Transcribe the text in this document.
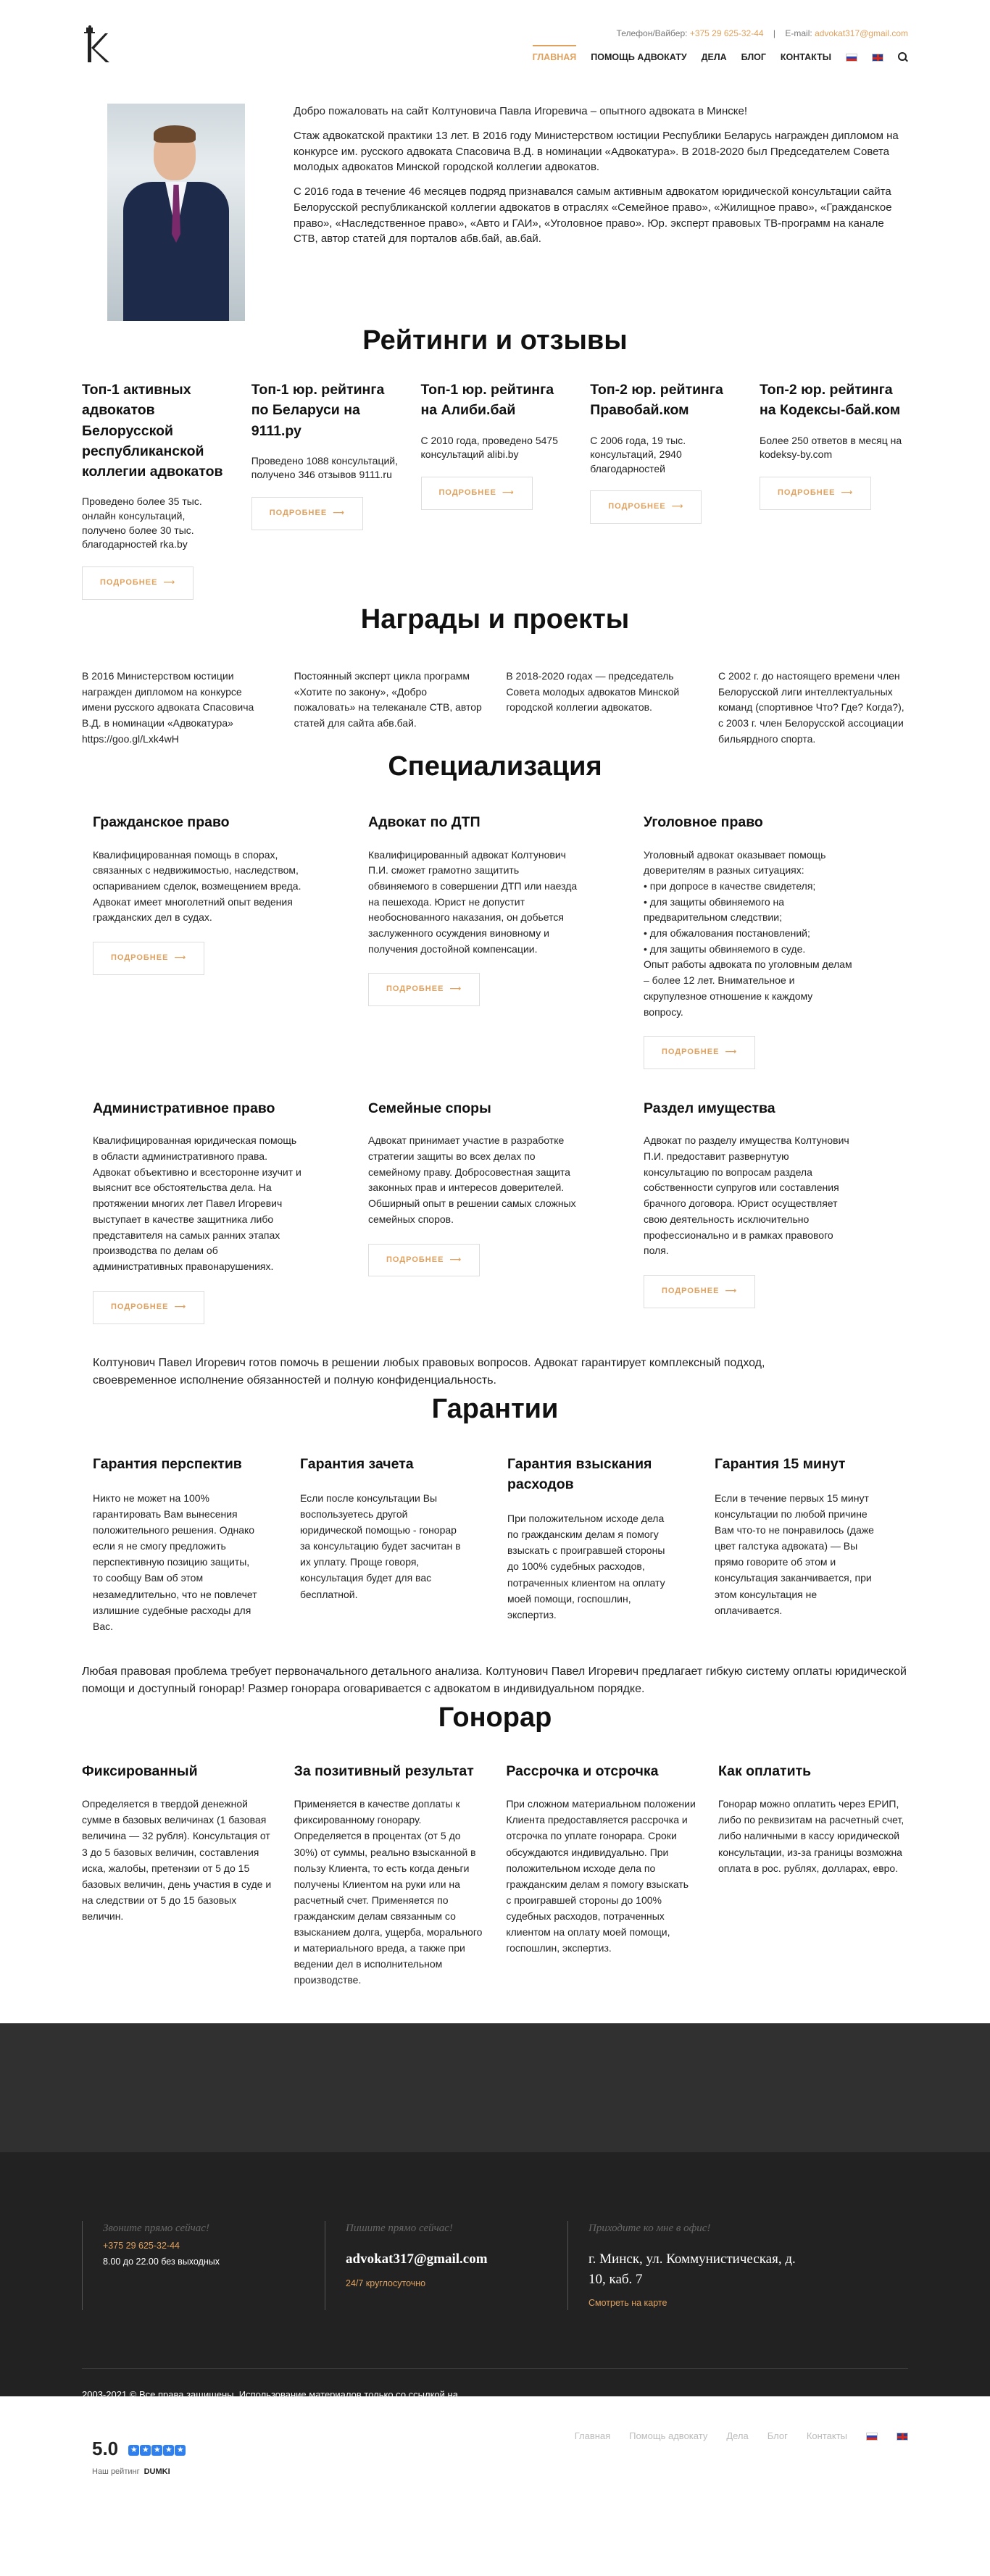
Телефон/Вайбер: +375 29 625-32-44 | E-mail: advokat317@gmail.com
ГЛАВНАЯ ПОМОЩЬ АДВОКАТУ ДЕЛА БЛОГ КОНТАКТЫ

Добро пожаловать на сайт Колтуновича Павла Игоревича – опытного адвоката в Минске!

Стаж адвокатской практики 13 лет. В 2016 году Министерством юстиции Республики Беларусь награжден дипломом на конкурсе им. русского адвоката Спасовича В.Д. в номинации «Адвокатура». В 2018-2020 был Председателем Совета молодых адвокатов Минской городской коллегии адвокатов.

С 2016 года в течение 46 месяцев подряд признавался самым активным адвокатом юридической консультации сайта Белорусской республиканской коллегии адвокатов в отраслях «Семейное право», «Жилищное право», «Гражданское право», «Наследственное право», «Авто и ГАИ», «Уголовное право». Юр. эксперт правовых ТВ-программ на канале СТВ, автор статей для порталов абв.бай, ав.бай.

Рейтинги и отзывы
Топ-1 активных адвокатов Белорусской республиканской коллегии адвокатов

Проведено более 35 тыс. онлайн консультаций, получено более 30 тыс. благодарностей rka.by

ПОДРОБНЕЕ ⟶
Топ-1 юр. рейтинга по Беларуси на 9111.ру

Проведено 1088 консультаций, получено 346 отзывов 9111.ru

ПОДРОБНЕЕ ⟶
Топ-1 юр. рейтинга на Алиби.бай

С 2010 года, проведено 5475 консультаций alibi.by

ПОДРОБНЕЕ ⟶
Топ-2 юр. рейтинга Правобай.ком

С 2006 года, 19 тыс. консультаций, 2940 благодарностей

ПОДРОБНЕЕ ⟶
Топ-2 юр. рейтинга на Кодексы-бай.ком

Более 250 ответов в месяц на kodeksy-by.com

ПОДРОБНЕЕ ⟶
Награды и проекты

В 2016 Министерством юстиции награжден дипломом на конкурсе имени русского адвоката Спасовича В.Д. в номинации «Адвокатура» https://goo.gl/Lxk4wH

Постоянный эксперт цикла программ «Хотите по закону», «Добро пожаловать» на телеканале СТВ, автор статей для сайта абв.бай.

В 2018-2020 годах — председатель Совета молодых адвокатов Минской городской коллегии адвокатов.

С 2002 г. до настоящего времени член Белорусской лиги интеллектуальных команд (спортивное Что? Где? Когда?), с 2003 г. член Белорусской ассоциации бильярдного спорта.

Специализация
Гражданское право

Квалифицированная помощь в спорах, связанных с недвижимостью, наследством, оспариванием сделок, возмещением вреда. Адвокат имеет многолетний опыт ведения гражданских дел в судах.

ПОДРОБНЕЕ ⟶
Адвокат по ДТП

Квалифицированный адвокат Колтунович П.И. сможет грамотно защитить обвиняемого в совершении ДТП или наезда на пешехода. Юрист не допустит необоснованного наказания, он добьется заслуженного осуждения виновному и получения достойной компенсации.

ПОДРОБНЕЕ ⟶
Уголовное право

Уголовный адвокат оказывает помощь доверителям в разных ситуациях:
• при допросе в качестве свидетеля;
• для защиты обвиняемого на предварительном следствии;
• для обжалования постановлений;
• для защиты обвиняемого в суде.
Опыт работы адвоката по уголовным делам – более 12 лет. Внимательное и скрупулезное отношение к каждому вопросу.

ПОДРОБНЕЕ ⟶
Административное право

Квалифицированная юридическая помощь в области административного права. Адвокат объективно и всесторонне изучит и выяснит все обстоятельства дела. На протяжении многих лет Павел Игоревич выступает в качестве защитника либо представителя на самых ранних этапах производства по делам об административных правонарушениях.

ПОДРОБНЕЕ ⟶
Семейные споры

Адвокат принимает участие в разработке стратегии защиты во всех делах по семейному праву. Добросовестная защита законных прав и интересов доверителей. Обширный опыт в решении самых сложных семейных споров.

ПОДРОБНЕЕ ⟶
Раздел имущества

Адвокат по разделу имущества Колтунович П.И. предоставит развернутую консультацию по вопросам раздела собственности супругов или составления брачного договора. Юрист осуществляет свою деятельность исключительно профессионально и в рамках правового поля.

ПОДРОБНЕЕ ⟶

Колтунович Павел Игоревич готов помочь в решении любых правовых вопросов. Адвокат гарантирует комплексный подход, своевременное исполнение обязанностей и полную конфиденциальность.

Гарантии
Гарантия перспектив

Никто не может на 100% гарантировать Вам вынесения положительного решения. Однако если я не смогу предложить перспективную позицию защиты, то сообщу Вам об этом незамедлительно, что не повлечет излишние судебные расходы для Вас.

Гарантия зачета

Если после консультации Вы воспользуетесь другой юридической помощью - гонорар за консультацию будет засчитан в их уплату. Проще говоря, консультация будет для вас бесплатной.

Гарантия взыскания расходов

При положительном исходе дела по гражданским делам я помогу взыскать с проигравшей стороны до 100% судебных расходов, потраченных клиентом на оплату моей помощи, госпошлин, экспертиз.

Гарантия 15 минут

Если в течение первых 15 минут консультации по любой причине Вам что-то не понравилось (даже цвет галстука адвоката) — Вы прямо говорите об этом и консультация заканчивается, при этом консультация не оплачивается.

Любая правовая проблема требует первоначального детального анализа. Колтунович Павел Игоревич предлагает гибкую систему оплаты юридической помощи и доступный гонорар! Размер гонорара оговаривается с адвокатом в индивидуальном порядке.

Гонорар
Фиксированный

Определяется в твердой денежной сумме в базовых величинах (1 базовая величина — 32 рубля). Консультация от 3 до 5 базовых величин, составления иска, жалобы, претензии от 5 до 15 базовых величин, день участия в суде и на следствии от 5 до 15 базовых величин.

За позитивный результат

Применяется в качестве доплаты к фиксированному гонорару. Определяется в процентах (от 5 до 30%) от суммы, реально взысканной в пользу Клиента, то есть когда деньги получены Клиентом на руки или на расчетный счет. Применяется по гражданским делам связанным со взысканием долга, ущерба, морального и материального вреда, а также при ведении дел в исполнительном производстве.

Рассрочка и отсрочка

При сложном материальном положении Клиента предоставляется рассрочка и отсрочка по уплате гонорара. Сроки обсуждаются индивидуально. При положительном исходе дела по гражданским делам я помогу взыскать с проигравшей стороны до 100% судебных расходов, потраченных клиентом на оплату моей помощи, госпошлин, экспертиз.

Как оплатить

Гонорар можно оплатить через ЕРИП, либо по реквизитам на расчетный счет, либо наличными в кассу юридической консультации, из-за границы возможна оплата в рос. рублях, долларах, евро.

Звоните прямо сейчас!
+375 29 625-32-44
8.00 до 22.00 без выходных
Пишите прямо сейчас!
advokat317@gmail.com
24/7 круглосуточно
Приходите ко мне в офис!
г. Минск, ул. Коммунистическая, д. 10, каб. 7
Смотреть на карте
2003-2021 © Все права защищены. Использование материалов только со ссылкой на источник
5.0 ★ ★ ★ ★ ★
Наш рейтинг DUMKI
Главная Помощь адвокату Дела Блог Контакты
